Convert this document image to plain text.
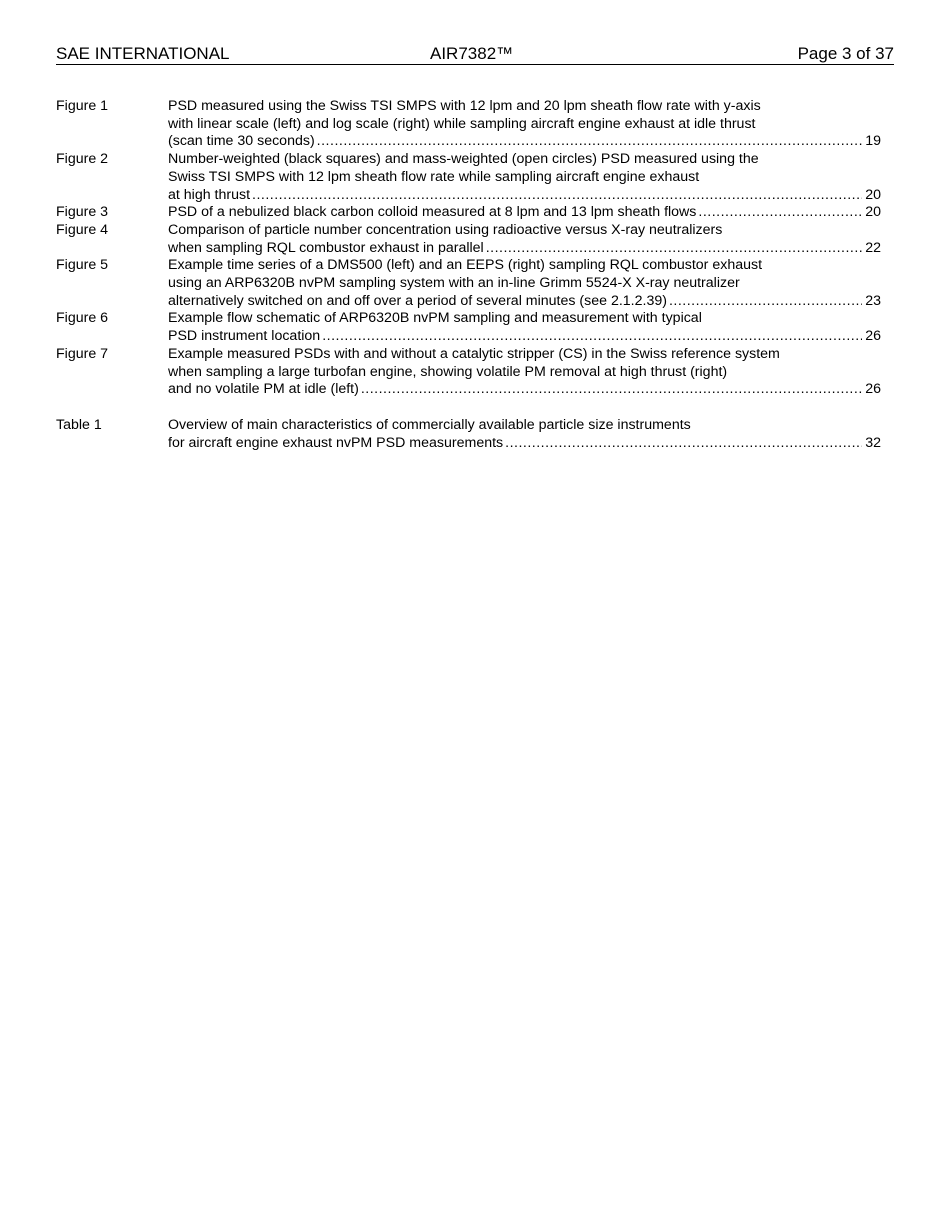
SAE INTERNATIONAL	AIR7382™	Page 3 of 37
Figure 1	PSD measured using the Swiss TSI SMPS with 12 lpm and 20 lpm sheath flow rate with y-axis
with linear scale (left) and log scale (right) while sampling aircraft engine exhaust at idle thrust
(scan time 30 seconds) .....	19
Figure 2	Number-weighted (black squares) and mass-weighted (open circles) PSD measured using the
Swiss TSI SMPS with 12 lpm sheath flow rate while sampling aircraft engine exhaust
at high thrust .....	20
Figure 3	PSD of a nebulized black carbon colloid measured at 8 lpm and 13 lpm sheath flows .....	20
Figure 4	Comparison of particle number concentration using radioactive versus X-ray neutralizers
when sampling RQL combustor exhaust in parallel .....	22
Figure 5	Example time series of a DMS500 (left) and an EEPS (right) sampling RQL combustor exhaust
using an ARP6320B nvPM sampling system with an in-line Grimm 5524-X X-ray neutralizer
alternatively switched on and off over a period of several minutes (see 2.1.2.39) .....	23
Figure 6	Example flow schematic of ARP6320B nvPM sampling and measurement with typical
PSD instrument location .....	26
Figure 7	Example measured PSDs with and without a catalytic stripper (CS) in the Swiss reference system
when sampling a large turbofan engine, showing volatile PM removal at high thrust (right)
and no volatile PM at idle (left) .....	26
Table 1	Overview of main characteristics of commercially available particle size instruments
for aircraft engine exhaust nvPM PSD measurements .....	32
